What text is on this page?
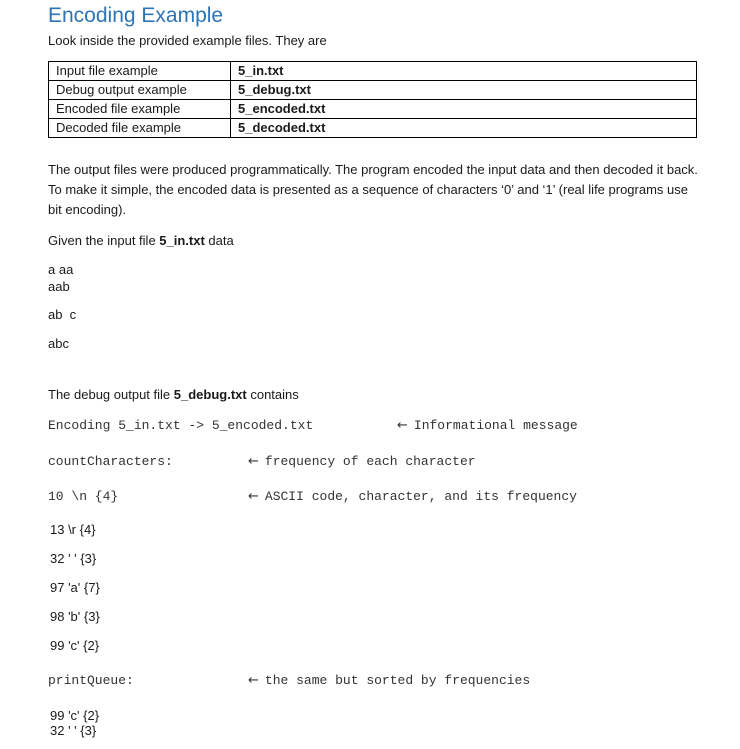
Encoding Example
Look inside the provided example files. They are
Input file example	5_in.txt
Debug output example	5_debug.txt
Encoded file example	5_encoded.txt
Decoded file example	5_decoded.txt
The output files were produced programmatically. The program encoded the input data and then decoded it back. To make it simple, the encoded data is presented as a sequence of characters ‘0’ and ‘1’ (real life programs use bit encoding).
Given the input file 5_in.txt data
a aa
aab
ab  c
abc
The debug output file 5_debug.txt contains
Encoding 5_in.txt -> 5_encoded.txt	← Informational message
countCharacters:	← frequency of each character
10 \n {4}	← ASCII code, character, and its frequency
13 \r {4}
32 ' ' {3}
97 'a' {7}
98 'b' {3}
99 'c' {2}
printQueue:	← the same but sorted by frequencies
99 'c' {2}
32 ' ' {3}
